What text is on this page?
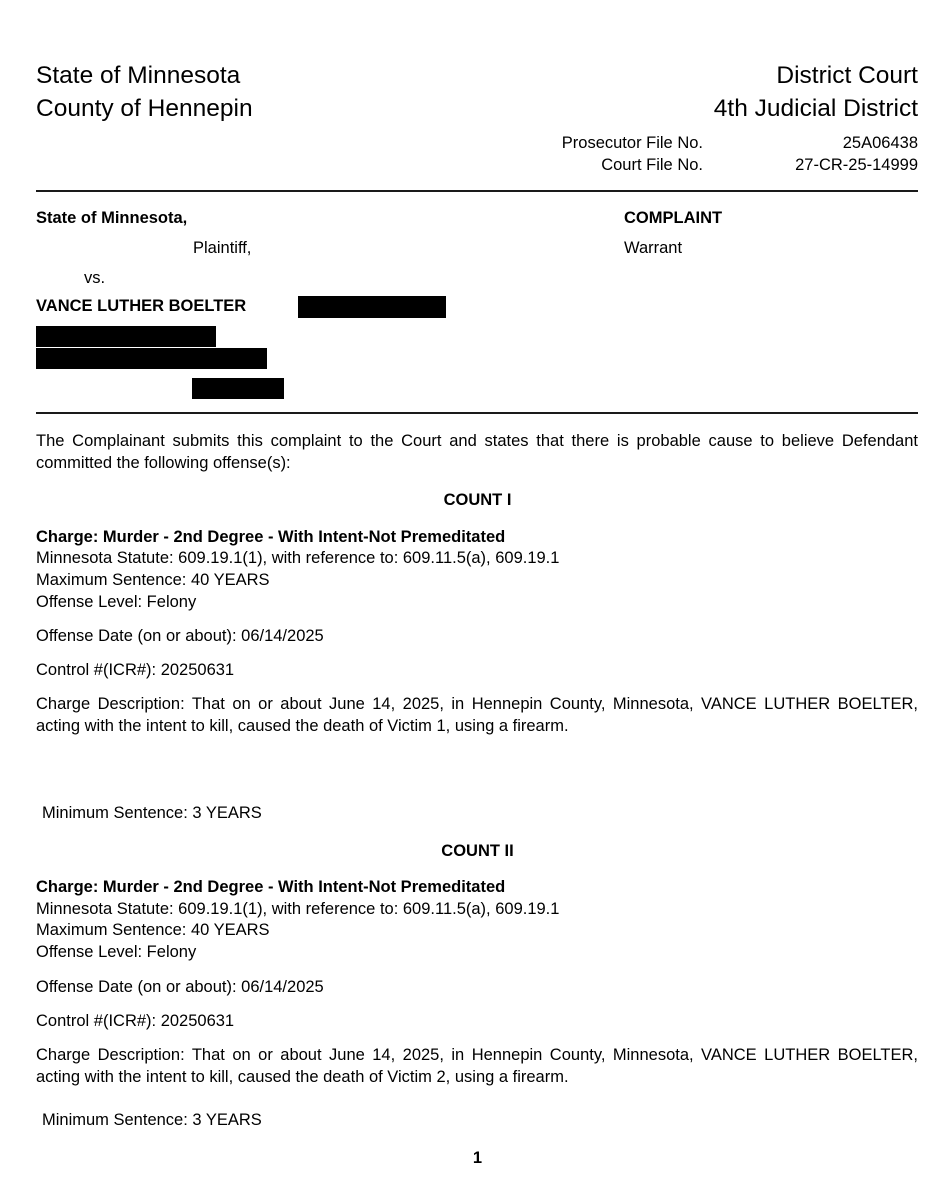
State of Minnesota
County of Hennepin
District Court
4th Judicial District
Prosecutor File No.	25A06438
Court File No.	27-CR-25-14999
State of Minnesota,
Plaintiff,
vs.
VANCE LUTHER BOELTER
COMPLAINT
Warrant
The Complainant submits this complaint to the Court and states that there is probable cause to believe Defendant committed the following offense(s):
COUNT I
Charge: Murder - 2nd Degree - With Intent-Not Premeditated
Minnesota Statute: 609.19.1(1), with reference to: 609.11.5(a), 609.19.1
Maximum Sentence: 40 YEARS
Offense Level: Felony
Offense Date (on or about): 06/14/2025
Control #(ICR#): 20250631
Charge Description: That on or about June 14, 2025, in Hennepin County, Minnesota, VANCE LUTHER BOELTER, acting with the intent to kill, caused the death of Victim 1, using a firearm.
Minimum Sentence: 3 YEARS
COUNT II
Charge: Murder - 2nd Degree - With Intent-Not Premeditated
Minnesota Statute: 609.19.1(1), with reference to: 609.11.5(a), 609.19.1
Maximum Sentence: 40 YEARS
Offense Level: Felony
Offense Date (on or about): 06/14/2025
Control #(ICR#): 20250631
Charge Description: That on or about June 14, 2025, in Hennepin County, Minnesota, VANCE LUTHER BOELTER, acting with the intent to kill, caused the death of Victim 2, using a firearm.
Minimum Sentence: 3 YEARS
1
